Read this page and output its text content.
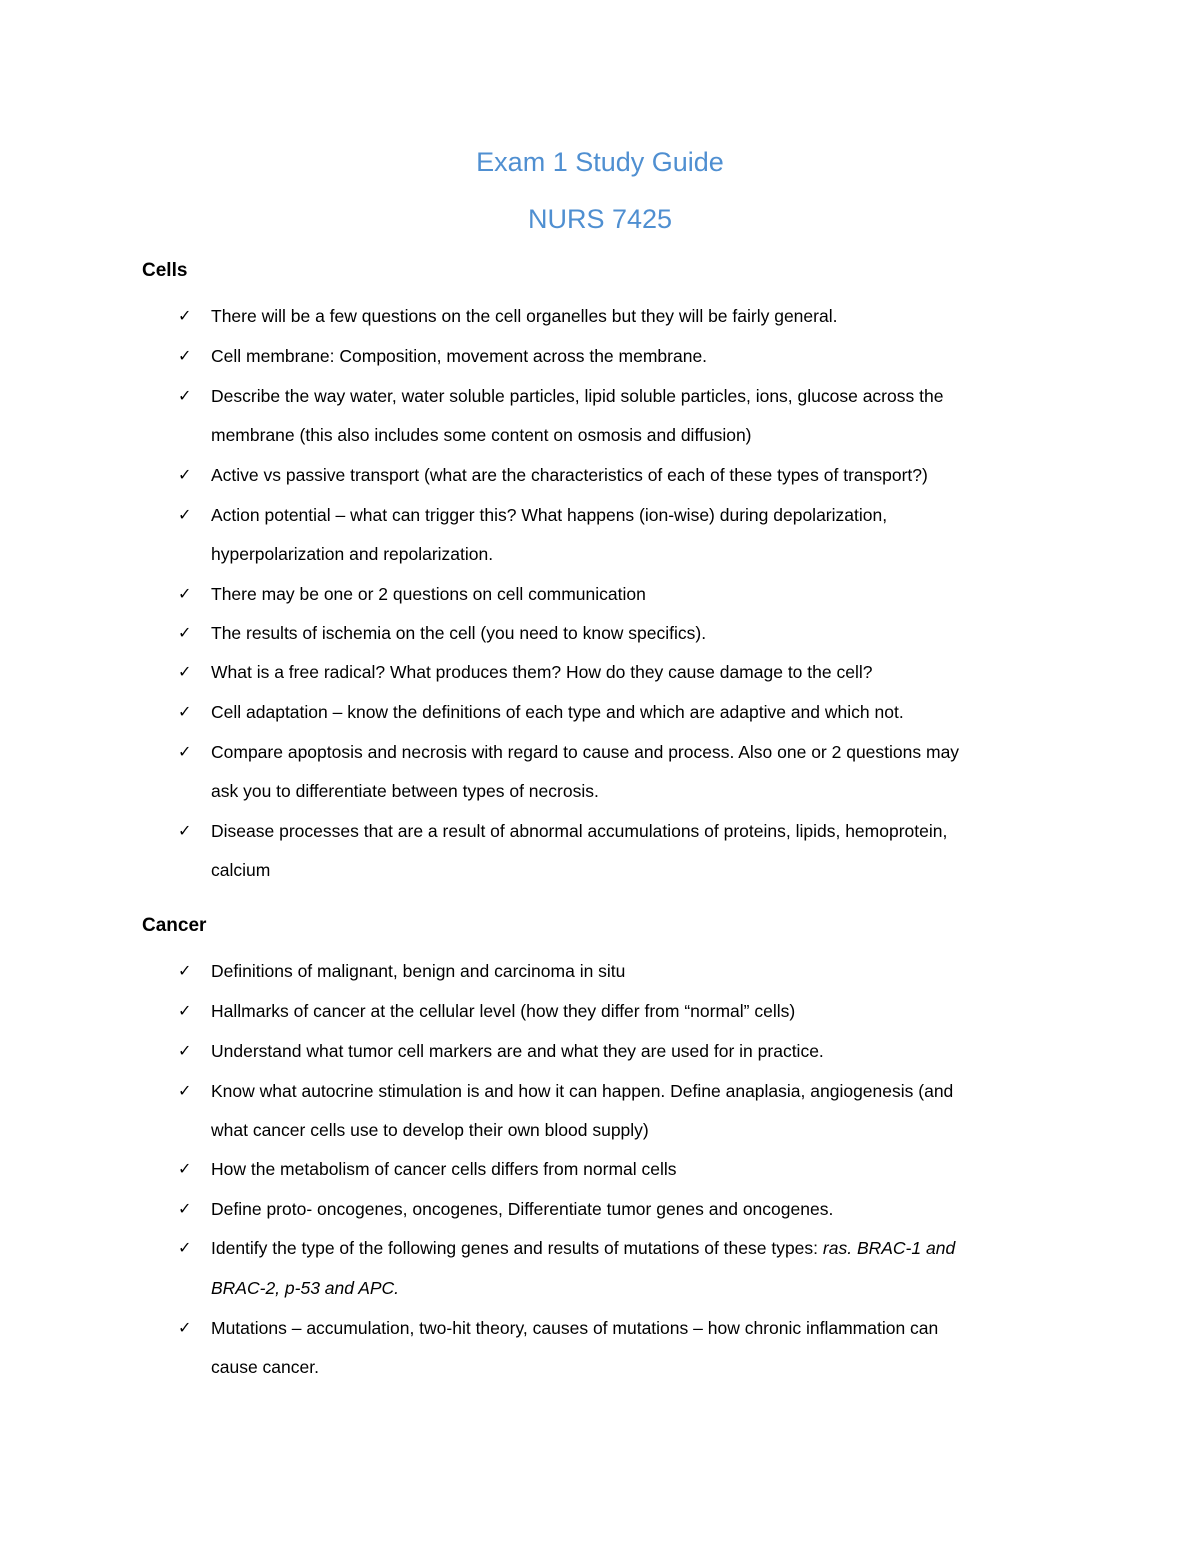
Exam 1 Study Guide
NURS 7425
Cells
✓ There will be a few questions on the cell organelles but they will be fairly general.
✓ Cell membrane: Composition, movement across the membrane.
✓ Describe the way water, water soluble particles, lipid soluble particles, ions, glucose across the
membrane (this also includes some content on osmosis and diffusion)
✓ Active vs passive transport (what are the characteristics of each of these types of transport?)
✓ Action potential – what can trigger this? What happens (ion-wise) during depolarization,
hyperpolarization and repolarization.
✓ There may be one or 2 questions on cell communication
✓ The results of ischemia on the cell (you need to know specifics).
✓ What is a free radical? What produces them? How do they cause damage to the cell?
✓ Cell adaptation – know the definitions of each type and which are adaptive and which not.
✓ Compare apoptosis and necrosis with regard to cause and process. Also one or 2 questions may
ask you to differentiate between types of necrosis.
✓ Disease processes that are a result of abnormal accumulations of proteins, lipids, hemoprotein,
calcium
Cancer
✓ Definitions of malignant, benign and carcinoma in situ
✓ Hallmarks of cancer at the cellular level (how they differ from “normal” cells)
✓ Understand what tumor cell markers are and what they are used for in practice.
✓ Know what autocrine stimulation is and how it can happen. Define anaplasia, angiogenesis (and
what cancer cells use to develop their own blood supply)
✓ How the metabolism of cancer cells differs from normal cells
✓ Define proto- oncogenes, oncogenes, Differentiate tumor genes and oncogenes.
✓ Identify the type of the following genes and results of mutations of these types: ras. BRAC-1 and
BRAC-2, p-53 and APC.
✓ Mutations – accumulation, two-hit theory, causes of mutations – how chronic inflammation can
cause cancer.
